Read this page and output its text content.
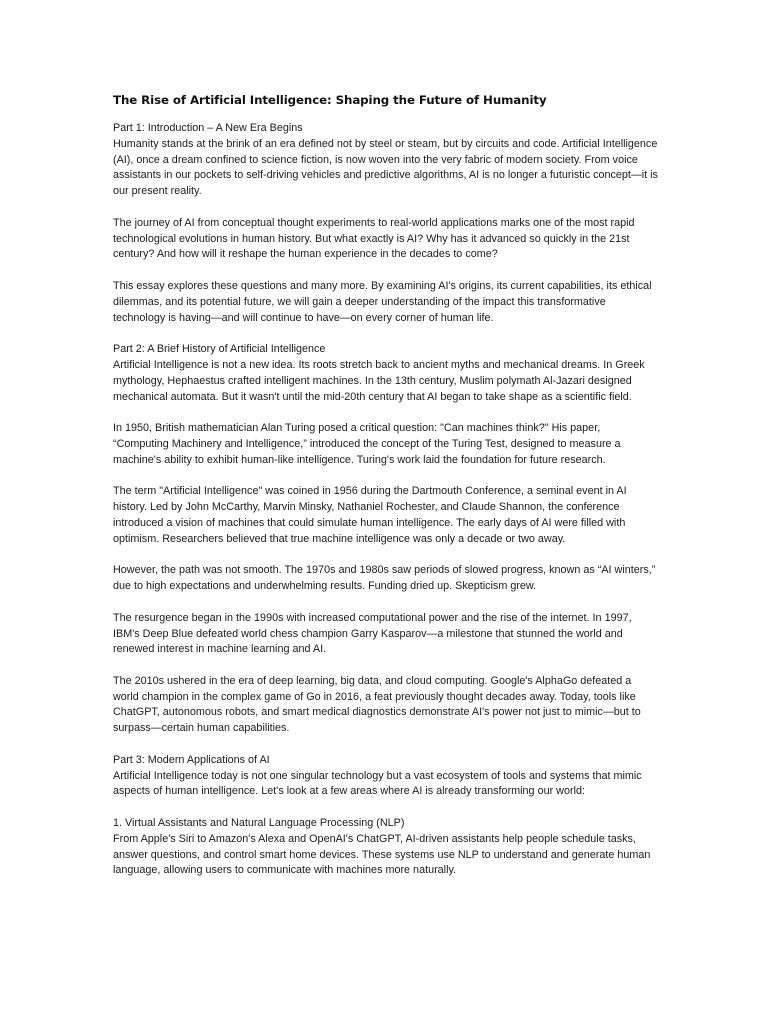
The Rise of Artificial Intelligence: Shaping the Future of Humanity

Part 1: Introduction – A New Era Begins

Humanity stands at the brink of an era defined not by steel or steam, but by circuits and code. Artificial Intelligence (AI), once a dream confined to science fiction, is now woven into the very fabric of modern society. From voice assistants in our pockets to self-driving vehicles and predictive algorithms, AI is no longer a futuristic concept—it is our present reality.

The journey of AI from conceptual thought experiments to real-world applications marks one of the most rapid technological evolutions in human history. But what exactly is AI? Why has it advanced so quickly in the 21st century? And how will it reshape the human experience in the decades to come?

This essay explores these questions and many more. By examining AI's origins, its current capabilities, its ethical dilemmas, and its potential future, we will gain a deeper understanding of the impact this transformative technology is having—and will continue to have—on every corner of human life.

Part 2: A Brief History of Artificial Intelligence

Artificial Intelligence is not a new idea. Its roots stretch back to ancient myths and mechanical dreams. In Greek mythology, Hephaestus crafted intelligent machines. In the 13th century, Muslim polymath Al-Jazari designed mechanical automata. But it wasn't until the mid-20th century that AI began to take shape as a scientific field.

In 1950, British mathematician Alan Turing posed a critical question: "Can machines think?" His paper, “Computing Machinery and Intelligence,” introduced the concept of the Turing Test, designed to measure a machine's ability to exhibit human-like intelligence. Turing's work laid the foundation for future research.

The term "Artificial Intelligence" was coined in 1956 during the Dartmouth Conference, a seminal event in AI history. Led by John McCarthy, Marvin Minsky, Nathaniel Rochester, and Claude Shannon, the conference introduced a vision of machines that could simulate human intelligence. The early days of AI were filled with optimism. Researchers believed that true machine intelligence was only a decade or two away.

However, the path was not smooth. The 1970s and 1980s saw periods of slowed progress, known as “AI winters,” due to high expectations and underwhelming results. Funding dried up. Skepticism grew.

The resurgence began in the 1990s with increased computational power and the rise of the internet. In 1997, IBM's Deep Blue defeated world chess champion Garry Kasparov—a milestone that stunned the world and renewed interest in machine learning and AI.

The 2010s ushered in the era of deep learning, big data, and cloud computing. Google's AlphaGo defeated a world champion in the complex game of Go in 2016, a feat previously thought decades away. Today, tools like ChatGPT, autonomous robots, and smart medical diagnostics demonstrate AI's power not just to mimic—but to surpass—certain human capabilities.

Part 3: Modern Applications of AI

Artificial Intelligence today is not one singular technology but a vast ecosystem of tools and systems that mimic aspects of human intelligence. Let's look at a few areas where AI is already transforming our world:

1. Virtual Assistants and Natural Language Processing (NLP)

From Apple's Siri to Amazon's Alexa and OpenAI's ChatGPT, AI-driven assistants help people schedule tasks, answer questions, and control smart home devices. These systems use NLP to understand and generate human language, allowing users to communicate with machines more naturally.
